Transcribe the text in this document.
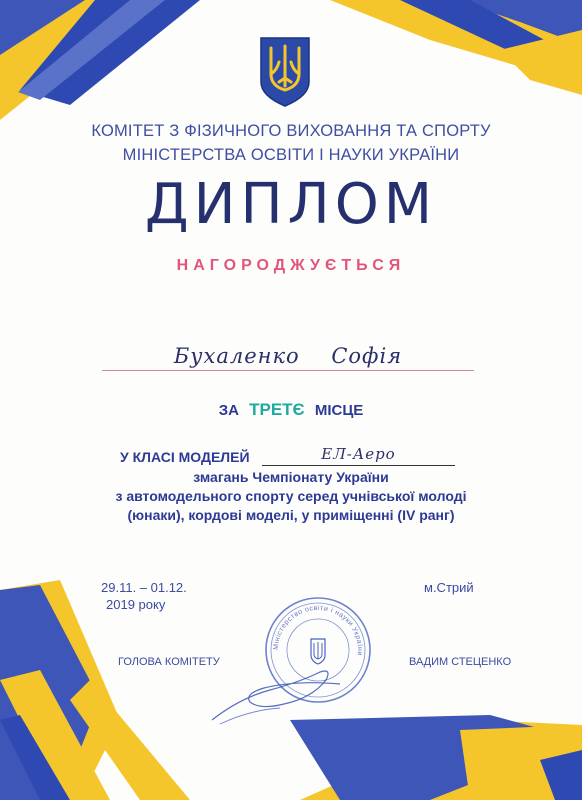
КОМІТЕТ З ФІЗИЧНОГО ВИХОВАННЯ ТА СПОРТУ
МІНІСТЕРСТВА ОСВІТИ І НАУКИ УКРАЇНИ
ДИПЛОМ
НАГОРОДЖУЄТЬСЯ
Бухаленко Софія
ЗА ТРЕТЄ МІСЦЕ
У КЛАСІ МОДЕЛЕЙ	ЕЛ-Аеро
змагань Чемпіонату України
з автомодельного спорту серед учнівської молоді
(юнаки), кордові моделі, у приміщенні (IV ранг)
29.11. – 01.12.
2019 року
м.Стрий
ГОЛОВА КОМІТЕТУ	ВАДИМ СТЕЦЕНКО
Міністерство освіти і науки України
